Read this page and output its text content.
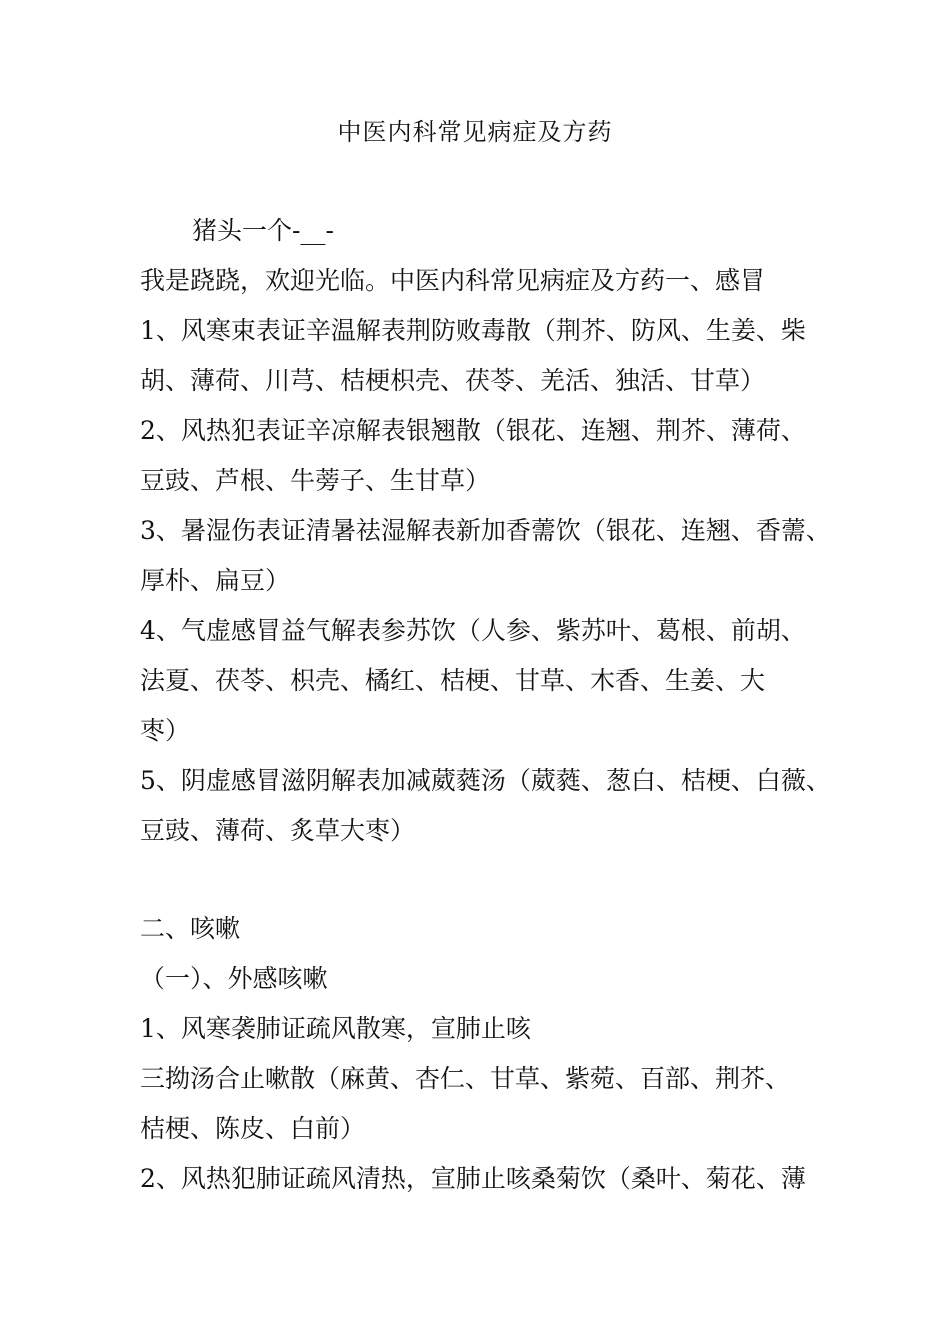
中医内科常见病症及方药
猪头一个-__-
我是跷跷，欢迎光临。中医内科常见病症及方药一、感冒
1、风寒束表证辛温解表荆防败毒散（荆芥、防风、生姜、柴
胡、薄荷、川芎、桔梗枳壳、茯苓、羌活、独活、甘草）
2、风热犯表证辛凉解表银翘散（银花、连翘、荆芥、薄荷、
豆豉、芦根、牛蒡子、生甘草）
3、暑湿伤表证清暑祛湿解表新加香薷饮（银花、连翘、香薷、
厚朴、扁豆）
4、气虚感冒益气解表参苏饮（人参、紫苏叶、葛根、前胡、
法夏、茯苓、枳壳、橘红、桔梗、甘草、木香、生姜、大
枣）
5、阴虚感冒滋阴解表加减葳蕤汤（葳蕤、葱白、桔梗、白薇、
豆豉、薄荷、炙草大枣）
二、咳嗽
（一）、外感咳嗽
1、风寒袭肺证疏风散寒，宣肺止咳
三拗汤合止嗽散（麻黄、杏仁、甘草、紫菀、百部、荆芥、
桔梗、陈皮、白前）
2、风热犯肺证疏风清热，宣肺止咳桑菊饮（桑叶、菊花、薄
